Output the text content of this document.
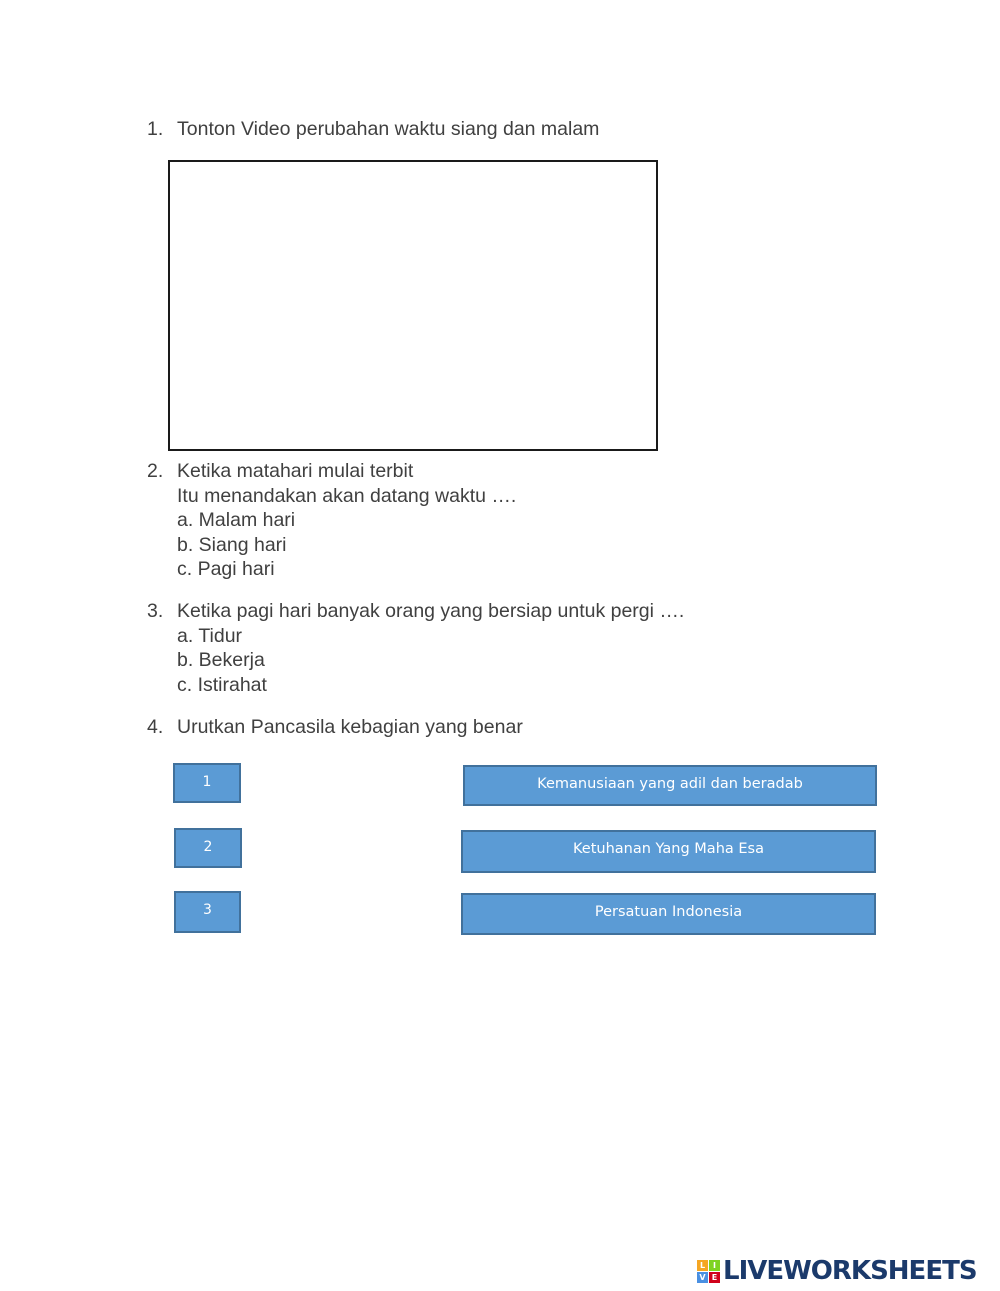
1. Tonton Video perubahan waktu siang dan malam
2. Ketika matahari mulai terbit
Itu menandakan akan datang waktu ….
a. Malam hari
b. Siang hari
c. Pagi hari
3. Ketika pagi hari banyak orang yang bersiap untuk pergi ….
a. Tidur
b. Bekerja
c. Istirahat
4. Urutkan Pancasila kebagian yang benar
1
2
3
Kemanusiaan yang adil dan beradab
Ketuhanan Yang Maha Esa
Persatuan Indonesia
L I
V E LIVEWORKSHEETS
